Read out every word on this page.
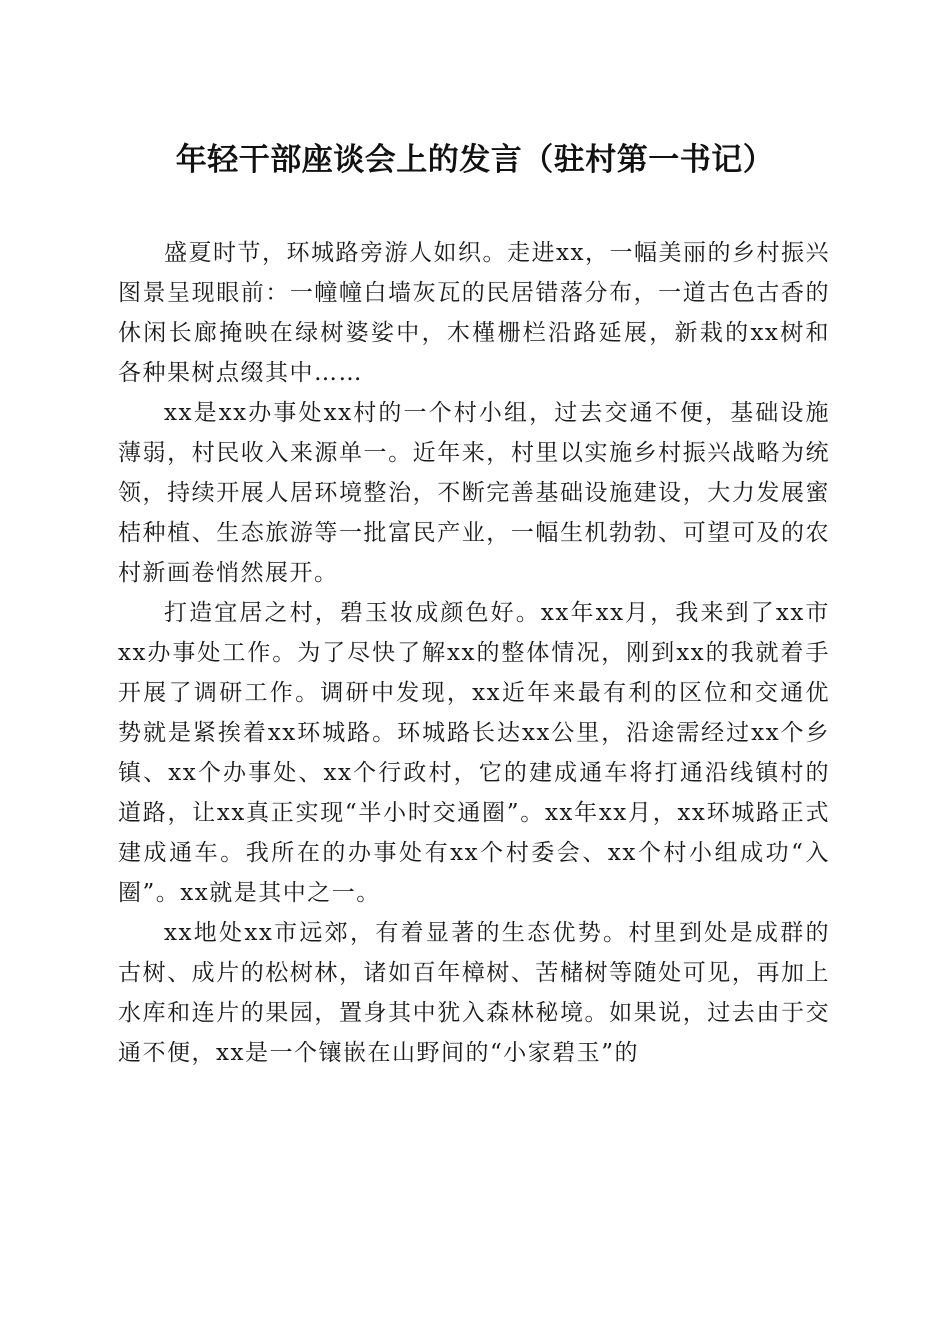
年轻干部座谈会上的发言（驻村第一书记）

盛夏时节，环城路旁游人如织。走进xx，一幅美丽的乡村振兴图景呈现眼前：一幢幢白墙灰瓦的民居错落分布，一道古色古香的休闲长廊掩映在绿树婆娑中，木槿栅栏沿路延展，新栽的xx树和各种果树点缀其中……

xx是xx办事处xx村的一个村小组，过去交通不便，基础设施薄弱，村民收入来源单一。近年来，村里以实施乡村振兴战略为统领，持续开展人居环境整治，不断完善基础设施建设，大力发展蜜桔种植、生态旅游等一批富民产业，一幅生机勃勃、可望可及的农村新画卷悄然展开。

打造宜居之村，碧玉妆成颜色好。xx年xx月，我来到了xx市xx办事处工作。为了尽快了解xx的整体情况，刚到xx的我就着手开展了调研工作。调研中发现，xx近年来最有利的区位和交通优势就是紧挨着xx环城路。环城路长达xx公里，沿途需经过xx个乡镇、xx个办事处、xx个行政村，它的建成通车将打通沿线镇村的道路，让xx真正实现“半小时交通圈”。xx年xx月，xx环城路正式建成通车。我所在的办事处有xx个村委会、xx个村小组成功“入圈”。xx就是其中之一。

xx地处xx市远郊，有着显著的生态优势。村里到处是成群的古树、成片的松树林，诸如百年樟树、苦槠树等随处可见，再加上水库和连片的果园，置身其中犹入森林秘境。如果说，过去由于交通不便，xx是一个镶嵌在山野间的“小家碧玉”的
